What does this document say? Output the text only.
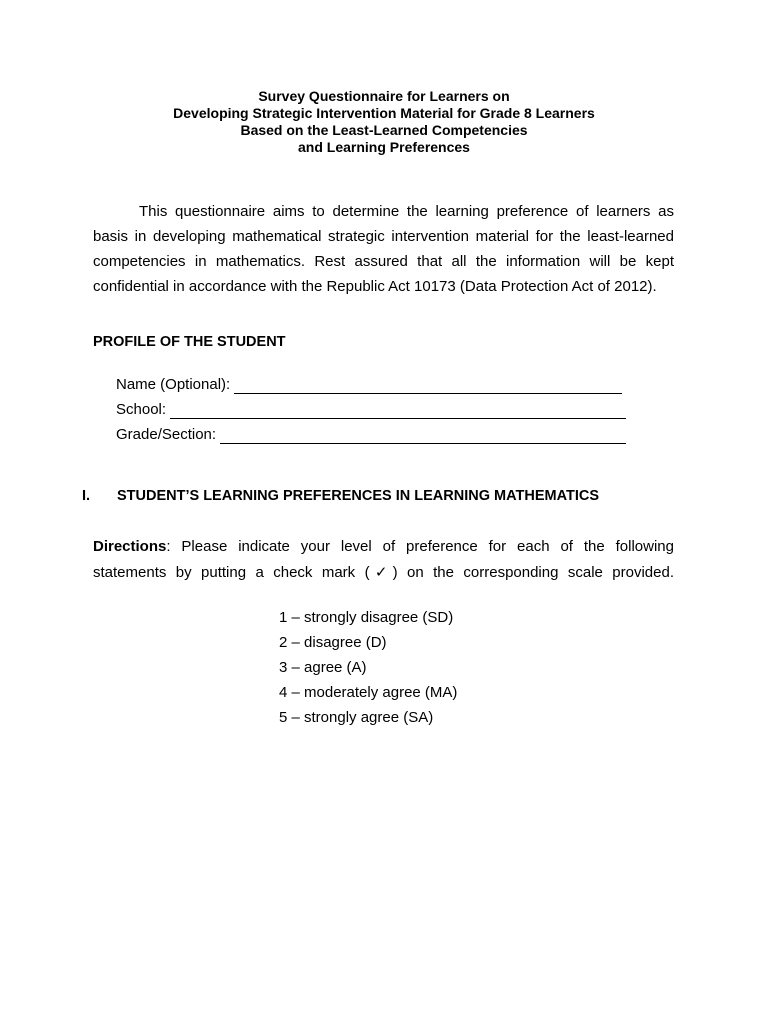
Survey Questionnaire for Learners on
Developing Strategic Intervention Material for Grade 8 Learners
Based on the Least-Learned Competencies
and Learning Preferences

This questionnaire aims to determine the learning preference of learners as basis in developing mathematical strategic intervention material for the least-learned competencies in mathematics. Rest assured that all the information will be kept confidential in accordance with the Republic Act 10173 (Data Protection Act of 2012).

PROFILE OF THE STUDENT
Name (Optional):
School:
Grade/Section:
I. STUDENT’S LEARNING PREFERENCES IN LEARNING MATHEMATICS

Directions: Please indicate your level of preference for each of the following statements by putting a check mark (✓) on the corresponding scale provided.

1 – strongly disagree (SD)
2 – disagree (D)
3 – agree (A)
4 – moderately agree (MA)
5 – strongly agree (SA)
